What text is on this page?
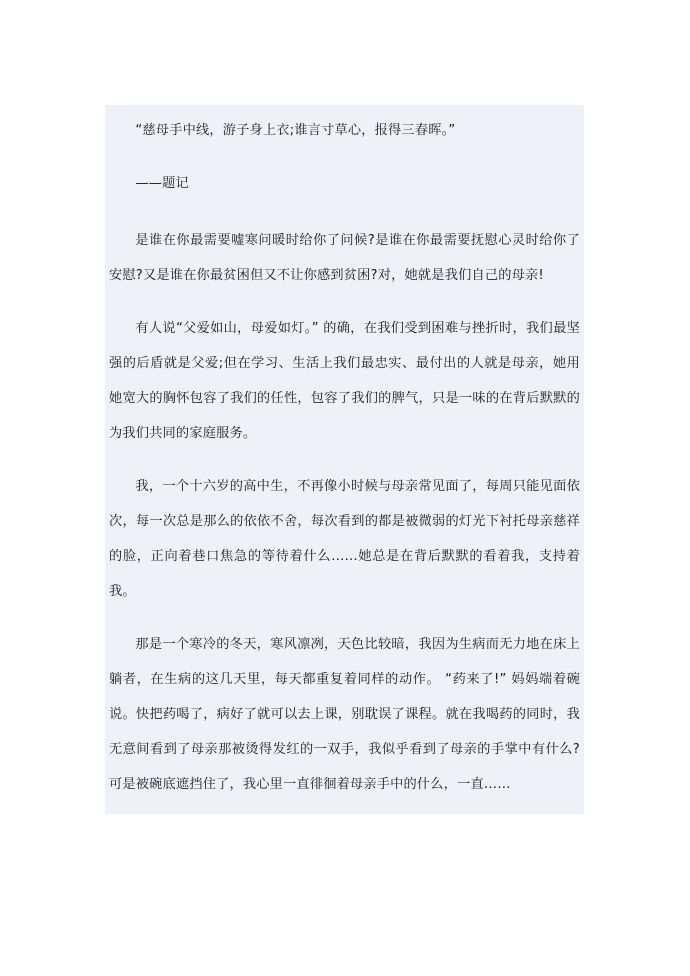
“慈母手中线，游子身上衣;谁言寸草心，报得三春晖。”

——题记

是谁在你最需要嘘寒问暖时给你了问候?是谁在你最需要抚慰心灵时给你了安慰?又是谁在你最贫困但又不让你感到贫困?对，她就是我们自己的母亲!

有人说“父爱如山，母爱如灯。” 的确，在我们受到困难与挫折时，我们最坚强的后盾就是父爱;但在学习、生活上我们最忠实、最付出的人就是母亲，她用她宽大的胸怀包容了我们的任性，包容了我们的脾气，只是一味的在背后默默的为我们共同的家庭服务。

我，一个十六岁的高中生，不再像小时候与母亲常见面了，每周只能见面依次，每一次总是那么的依依不舍，每次看到的都是被微弱的灯光下衬托母亲慈祥的脸，正向着巷口焦急的等待着什么……她总是在背后默默的看着我，支持着我。

那是一个寒冷的冬天，寒风凛冽，天色比较暗，我因为生病而无力地在床上躺者，在生病的这几天里，每天都重复着同样的动作。 “药来了!” 妈妈端着碗说。快把药喝了，病好了就可以去上课，别耽误了课程。就在我喝药的同时，我无意间看到了母亲那被烫得发红的一双手，我似乎看到了母亲的手掌中有什么?可是被碗底遮挡住了，我心里一直徘徊着母亲手中的什么，一直……
